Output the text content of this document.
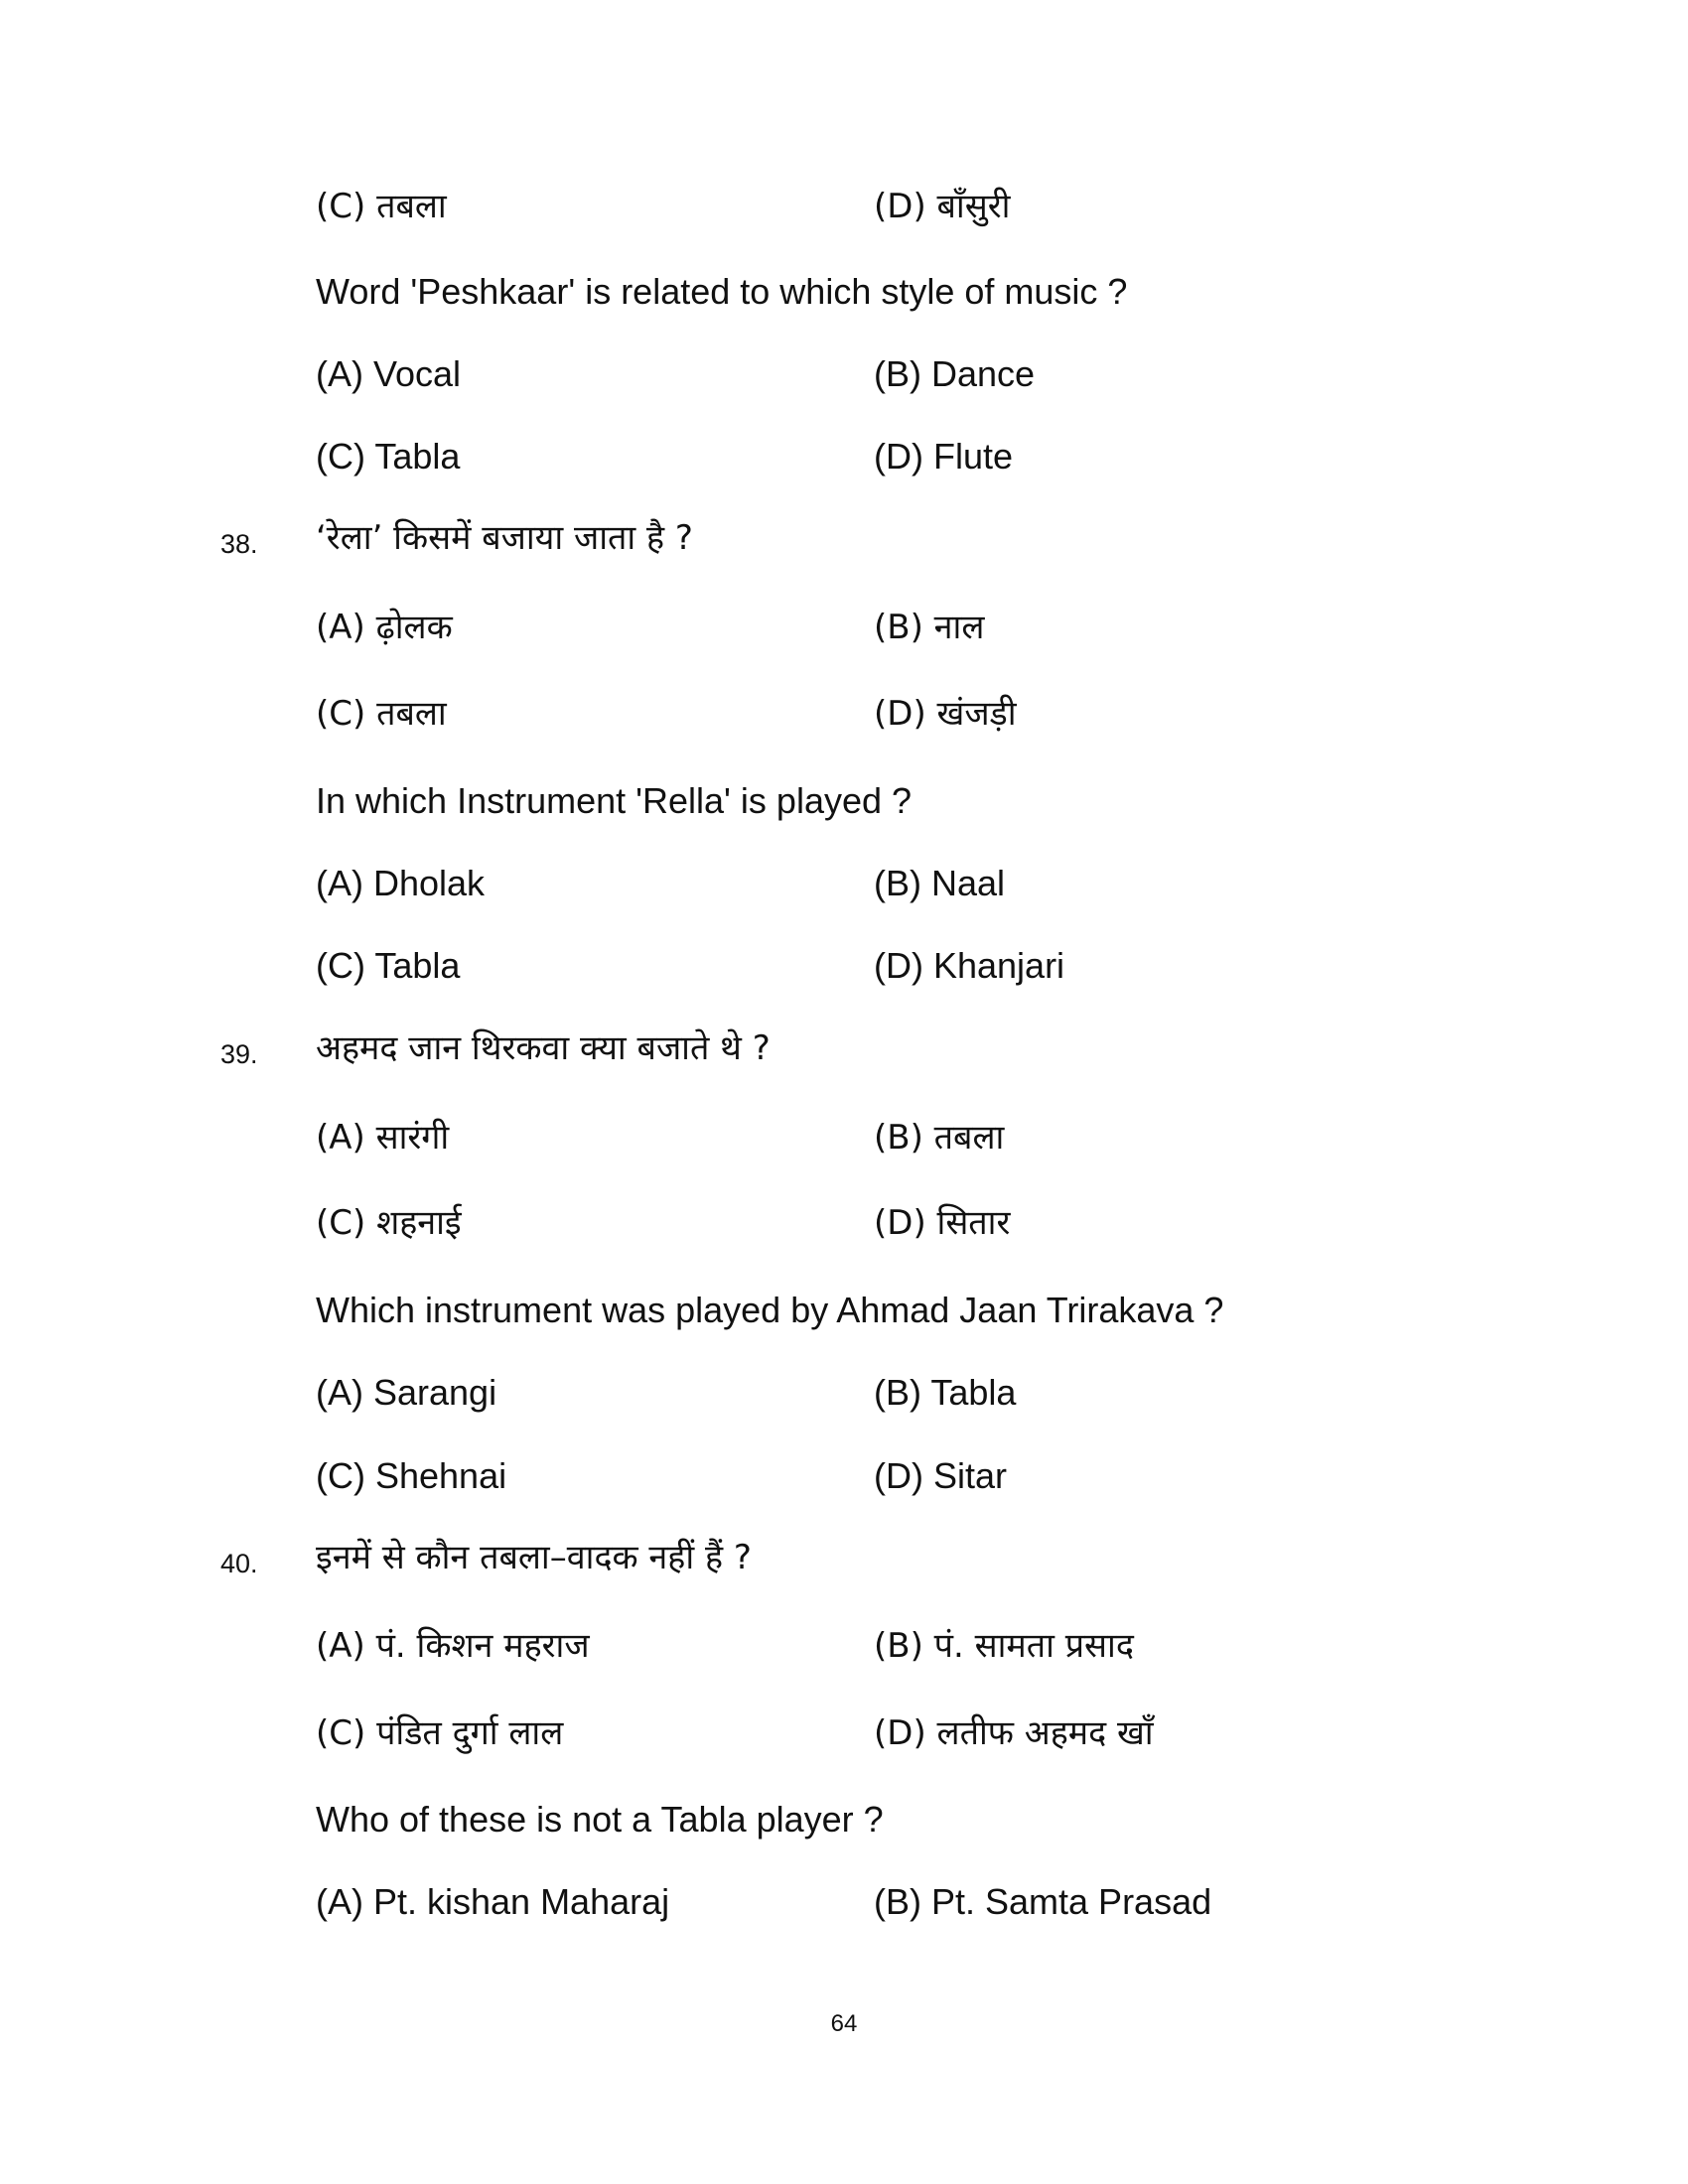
(C) तबला	(D) बाँसुरी
Word 'Peshkaar' is related to which style of music ?
(A) Vocal	(B) Dance
(C) Tabla	(D) Flute
38. ‘रेला’ किसमें बजाया जाता है ?
(A) ढ़ोलक	(B) नाल
(C) तबला	(D) खंजड़ी
In which Instrument 'Rella' is played ?
(A) Dholak	(B) Naal
(C) Tabla	(D) Khanjari
39. अहमद जान थिरकवा क्या बजाते थे ?
(A) सारंगी	(B) तबला
(C) शहनाई	(D) सितार
Which instrument was played by Ahmad Jaan Trirakava ?
(A) Sarangi	(B) Tabla
(C) Shehnai	(D) Sitar
40. इनमें से कौन तबला–वादक नहीं हैं ?
(A) पं. किशन महराज	(B) पं. सामता प्रसाद
(C) पंडित दुर्गा लाल	(D) लतीफ अहमद खाँ
Who of these is not a Tabla player ?
(A) Pt. kishan Maharaj	(B) Pt. Samta Prasad
64
